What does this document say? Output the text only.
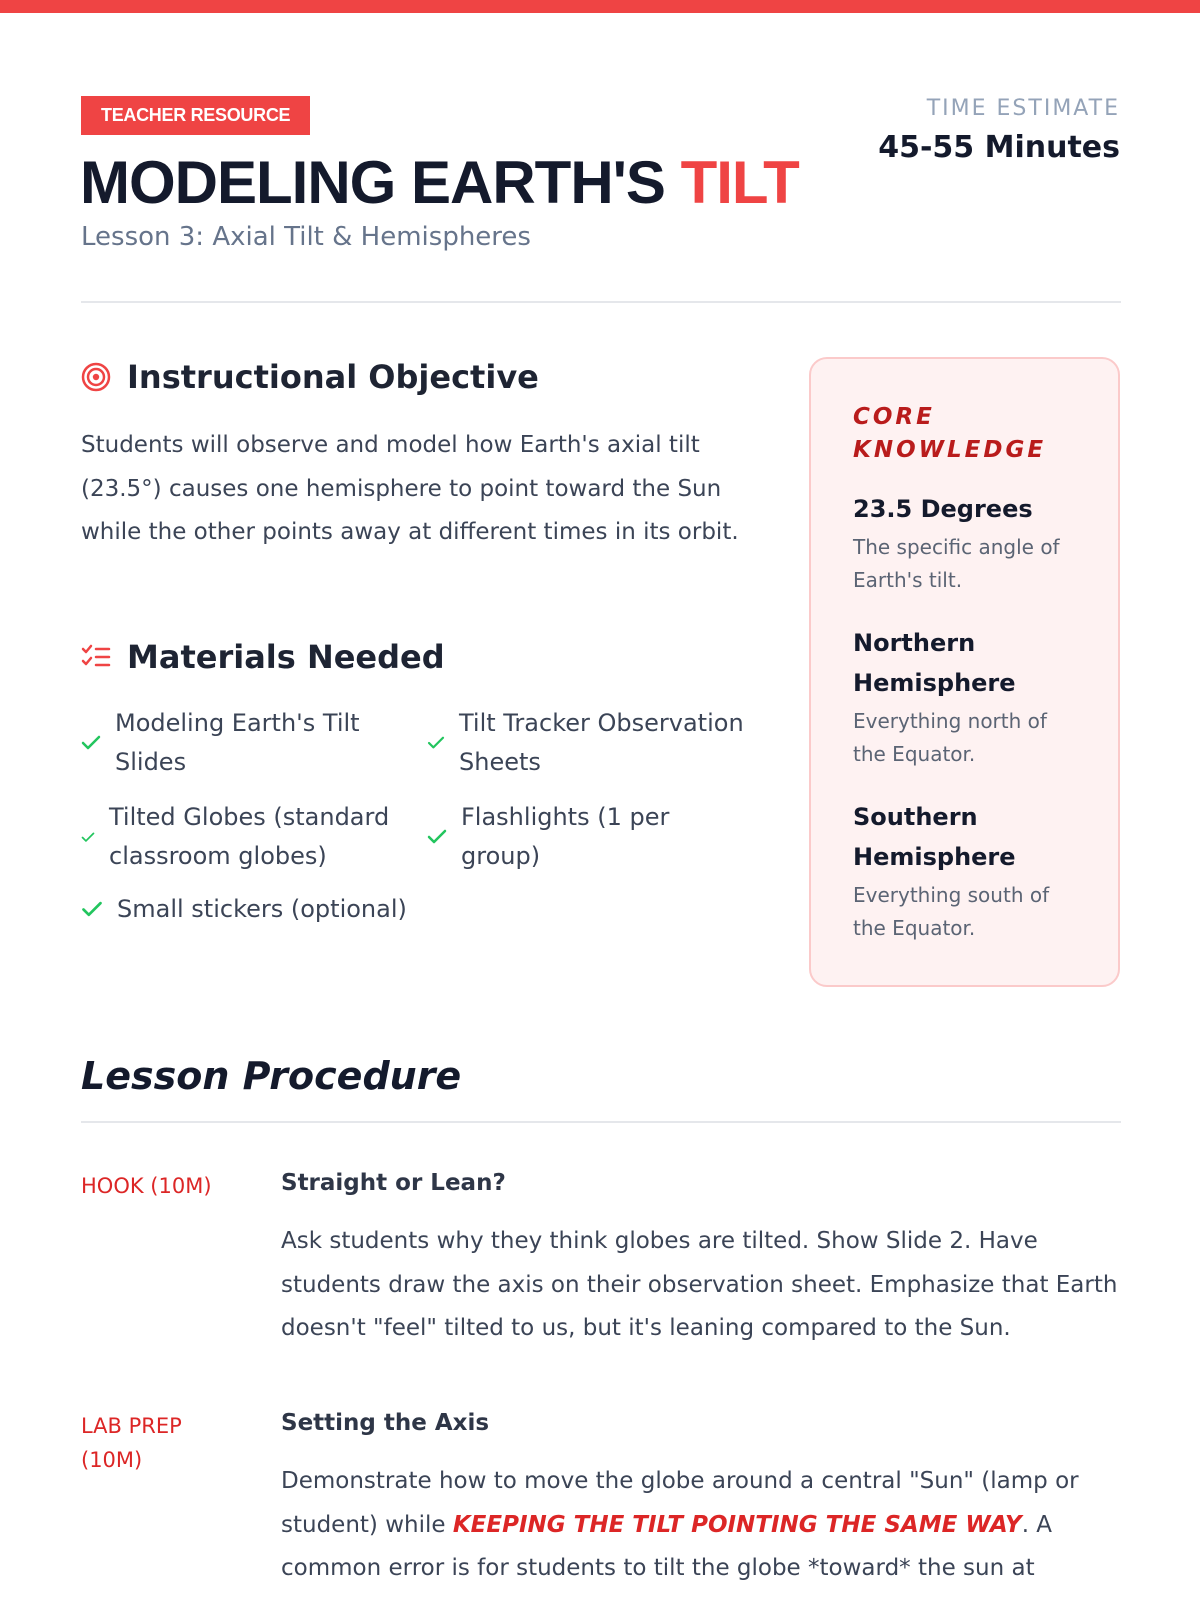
TEACHER RESOURCE
MODELING EARTH'S TILT
Lesson 3: Axial Tilt & Hemispheres
TIME ESTIMATE
45-55 Minutes
Instructional Objective
Students will observe and model how Earth's axial tilt (23.5°) causes one hemisphere to point toward the Sun while the other points away at different times in its orbit.
Materials Needed
Modeling Earth's Tilt Slides
Tilt Tracker Observation Sheets
Tilted Globes (standard classroom globes)
Flashlights (1 per group)
Small stickers (optional)
CORE KNOWLEDGE
23.5 Degrees
The specific angle of Earth's tilt.
Northern Hemisphere
Everything north of the Equator.
Southern Hemisphere
Everything south of the Equator.
Lesson Procedure
HOOK (10M)	Straight or Lean?
Ask students why they think globes are tilted. Show Slide 2. Have students draw the axis on their observation sheet. Emphasize that Earth doesn't "feel" tilted to us, but it's leaning compared to the Sun.
LAB PREP (10M)
Setting the Axis
Demonstrate how to move the globe around a central "Sun" (lamp or student) while KEEPING THE TILT POINTING THE SAME WAY. A common error is for students to tilt the globe *toward* the sun at
